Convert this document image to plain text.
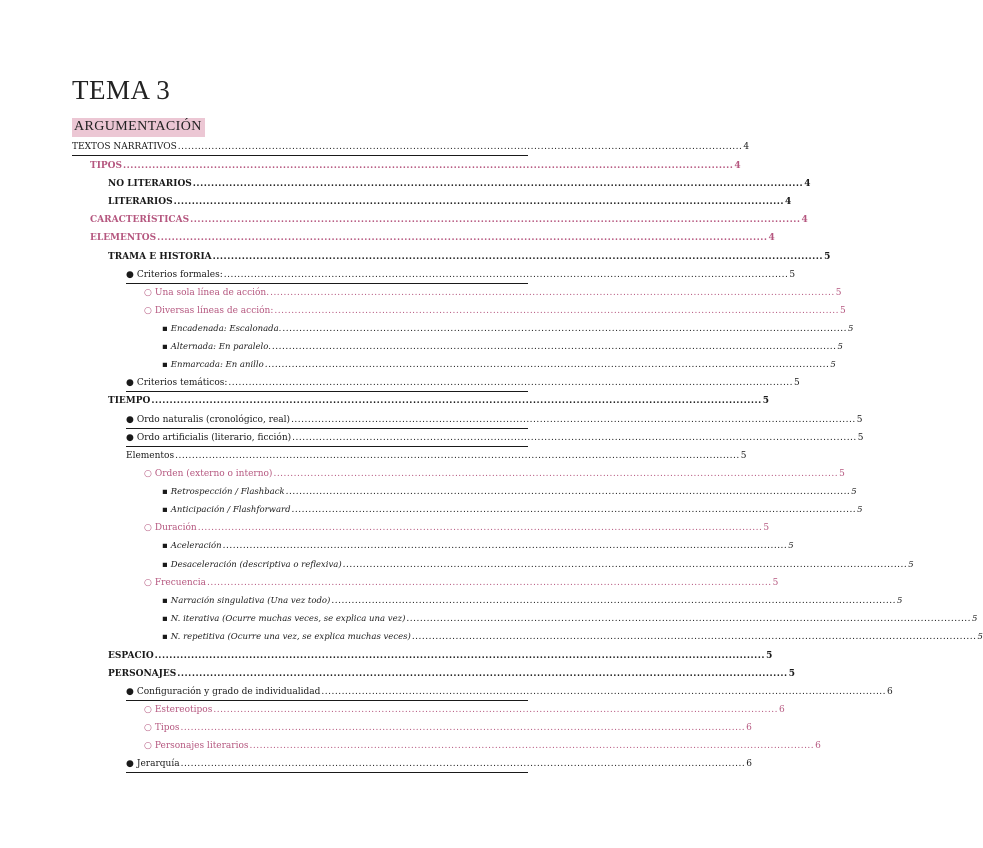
TEMA 3
ARGUMENTACIÓN
TEXTOS NARRATIVOS ........................................................................................................................................................................ 4
TIPOS ........................................................................................................................................................................ 4
NO LITERARIOS ........................................................................................................................................................................ 4
LITERARIOS ........................................................................................................................................................................ 4
CARACTERÍSTICAS ........................................................................................................................................................................ 4
ELEMENTOS ........................................................................................................................................................................ 4
TRAMA E HISTORIA ........................................................................................................................................................................ 5
● Criterios formales: ........................................................................................................................................................................ 5
○ Una sola línea de acción. ........................................................................................................................................................................ 5
○ Diversas líneas de acción: ........................................................................................................................................................................ 5
▪ Encadenada: Escalonada. ........................................................................................................................................................................ 5
▪ Alternada: En paralelo. ........................................................................................................................................................................ 5
▪ Enmarcada: En anillo ........................................................................................................................................................................ 5
● Criterios temáticos: ........................................................................................................................................................................ 5
TIEMPO ........................................................................................................................................................................ 5
● Ordo naturalis (cronológico, real) ........................................................................................................................................................................ 5
● Ordo artificialis (literario, ficción) ........................................................................................................................................................................ 5
Elementos ........................................................................................................................................................................ 5
○ Orden (externo o interno) ........................................................................................................................................................................ 5
▪ Retrospección / Flashback ........................................................................................................................................................................ 5
▪ Anticipación / Flashforward ........................................................................................................................................................................ 5
○ Duración ........................................................................................................................................................................ 5
▪ Aceleración ........................................................................................................................................................................ 5
▪ Desaceleración (descriptiva o reflexiva) ........................................................................................................................................................................ 5
○ Frecuencia ........................................................................................................................................................................ 5
▪ Narración singulativa (Una vez todo) ........................................................................................................................................................................ 5
▪ N. iterativa (Ocurre muchas veces, se explica una vez) ........................................................................................................................................................................ 5
▪ N. repetitiva (Ocurre una vez, se explica muchas veces) ........................................................................................................................................................................ 5
ESPACIO ........................................................................................................................................................................ 5
PERSONAJES ........................................................................................................................................................................ 5
● Configuración y grado de individualidad ........................................................................................................................................................................ 6
○ Estereotipos ........................................................................................................................................................................ 6
○ Tipos ........................................................................................................................................................................ 6
○ Personajes literarios ........................................................................................................................................................................ 6
● Jerarquía ........................................................................................................................................................................ 6
